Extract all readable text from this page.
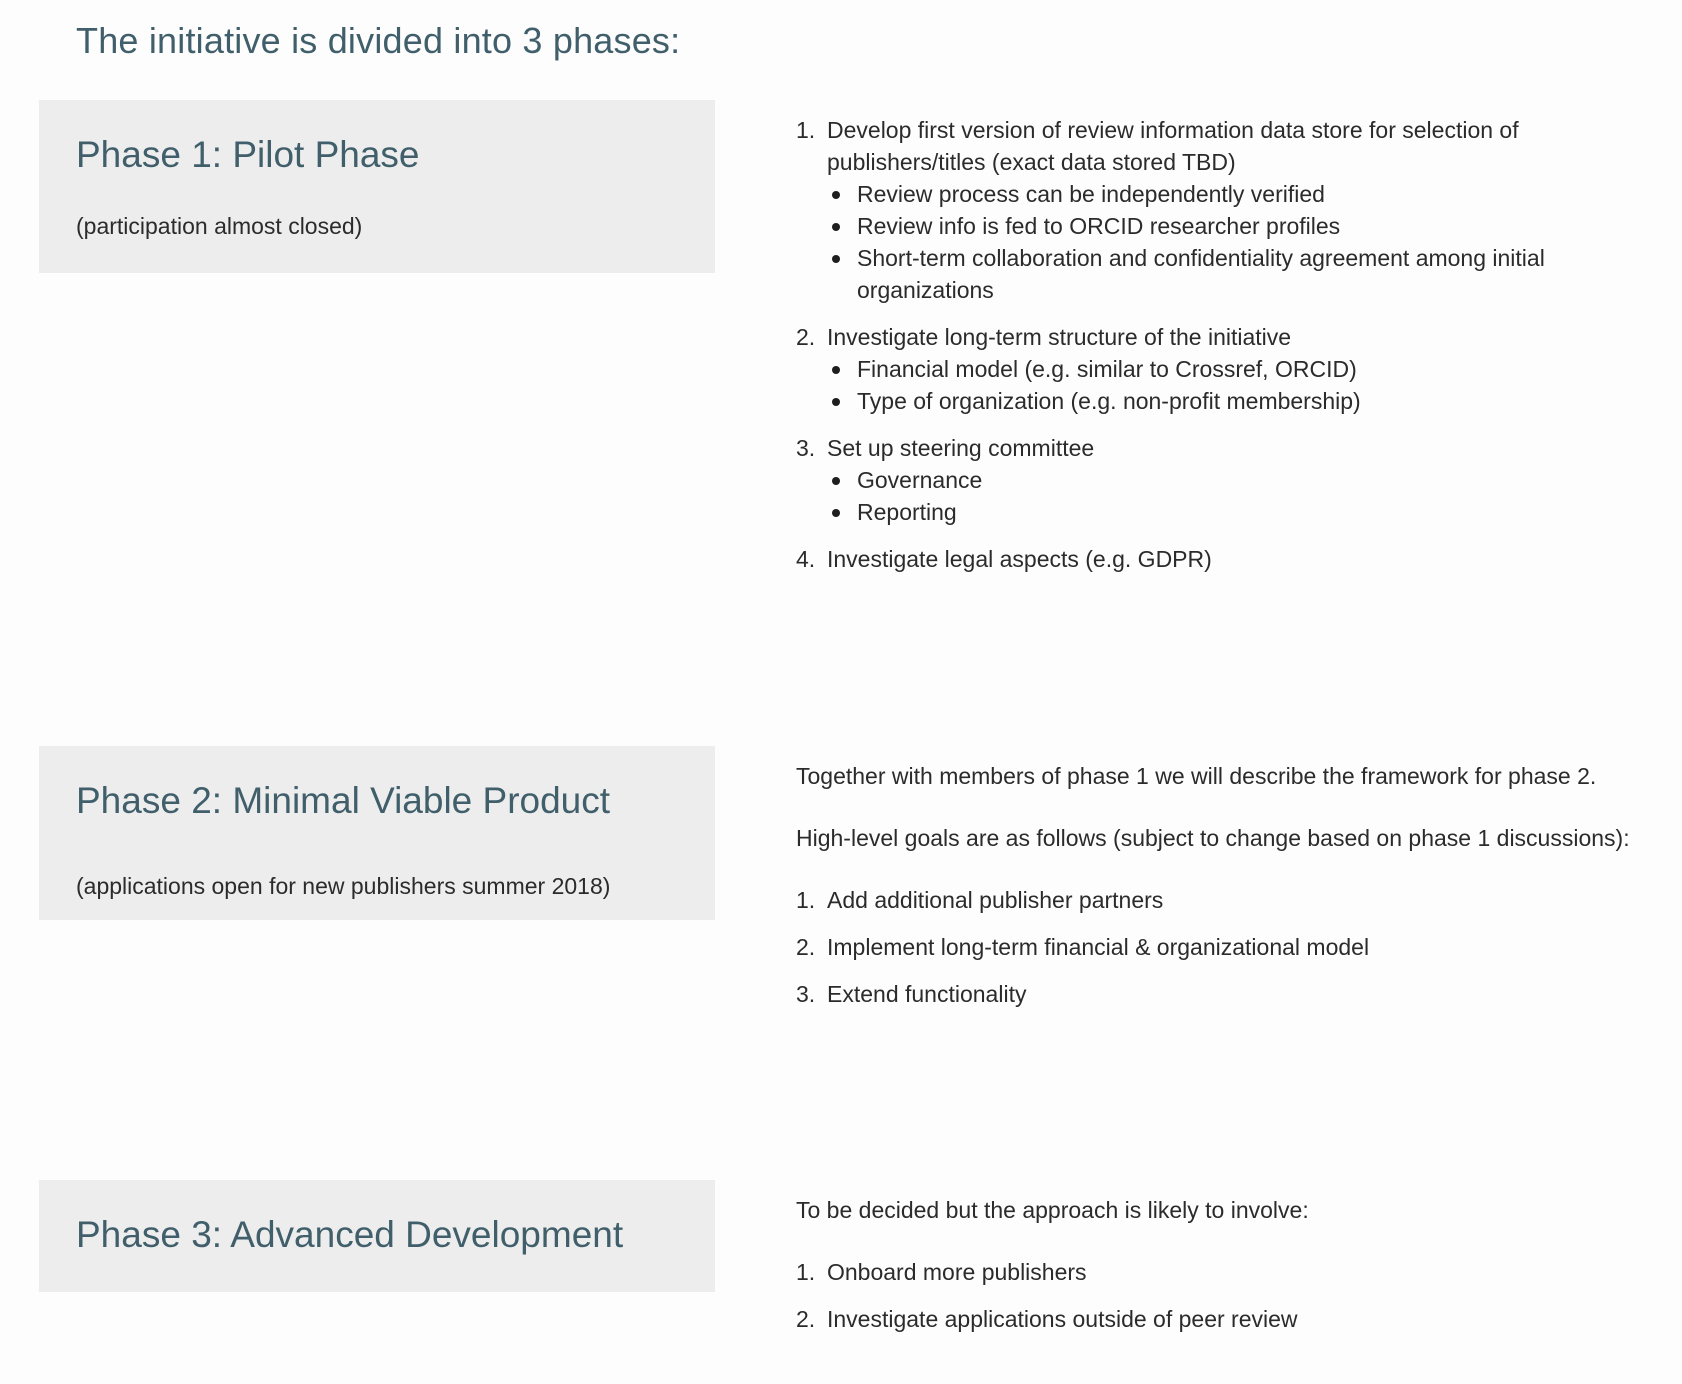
The initiative is divided into 3 phases:
Phase 1: Pilot Phase

(participation almost closed)

1. Develop first version of review information data store for selection of publishers/titles (exact data stored TBD)
Review process can be independently verified
Review info is fed to ORCID researcher profiles
Short-term collaboration and confidentiality agreement among initial organizations
2. Investigate long-term structure of the initiative
Financial model (e.g. similar to Crossref, ORCID)
Type of organization (e.g. non-profit membership)
3. Set up steering committee
Governance
Reporting
4. Investigate legal aspects (e.g. GDPR)
Phase 2: Minimal Viable Product

(applications open for new publishers summer 2018)

Together with members of phase 1 we will describe the framework for phase 2.

High-level goals are as follows (subject to change based on phase 1 discussions):

1. Add additional publisher partners
2. Implement long-term financial & organizational model
3. Extend functionality
Phase 3: Advanced Development

To be decided but the approach is likely to involve:

1. Onboard more publishers
2. Investigate applications outside of peer review
